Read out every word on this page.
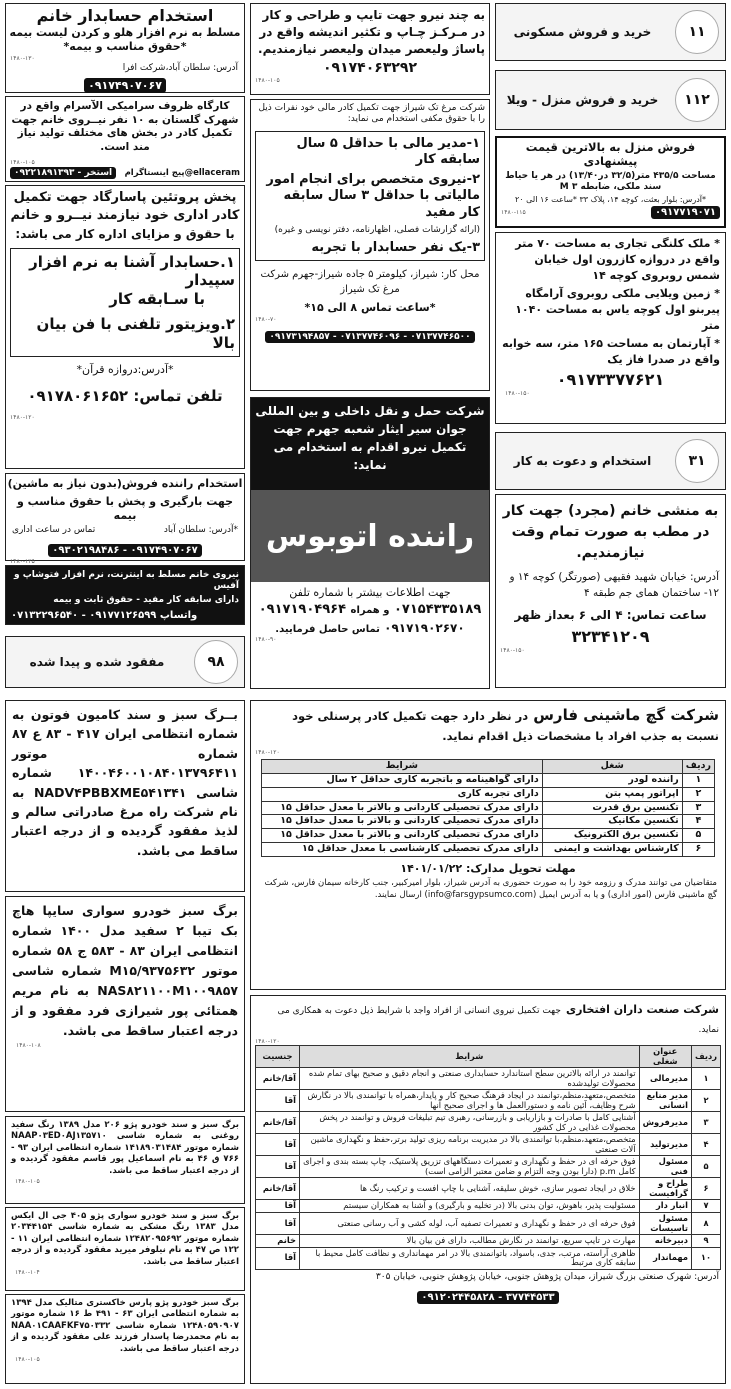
استخدام حسابدار خانم
مسلط به نرم افزار هلو و کردن لیست بیمه
*حقوق مناسب و بیمه*
۱۴۸۰-۱۳۰
آدرس: سلطان آباد،شرکت افرا
۰۹۱۷۴۹۰۷۰۶۷
کارگاه ظروف سرامیکی الآسرام واقع در شهرک گلستان به ۱۰ نفر نیــروی خانم جهت تکمیل کادر در بخش های مختلف تولید نیاز مند است.
۱۴۸۰-۱۰۵
پیج اینستاگرام@ellaceram
۰۹۲۲۱۸۹۱۳۹۳ - استخر
پخش پروتئین پاسارگاد جهت تکمیل
کادر اداری خود نیازمند نیــرو و خانم
با حقوق و مزایای اداره کار می باشد:
۱.حسابدار آشنا به نرم افزار سپیدار
با سـابقه کار
۲.ویزیتور تلفنی با فن بیان بالا
*آدرس:دروازه قرآن*
تلفن تماس: ۰۹۱۷۸۰۶۱۶۵۲
۱۴۸۰-۱۲۰
استخدام راننده فروش(بدون نیاز به ماشین)
جهت بارگیری و پخش با حقوق مناسب و بیمه
*آدرس: سلطان آباد
تماس در ساعت اداری
۰۹۳۰۲۱۹۸۴۸۶ - ۰۹۱۷۴۹۰۷۰۶۷
۱۴۸۰-۱۲۵
نیروی خانم مسلط به اینترنت، نرم افزار فتوشاپ و آفیس
دارای سابقه کار مفید - حقوق ثابت و بیمه
واتساپ ۰۹۱۷۷۱۲۶۵۹۹ - ۰۷۱۳۲۲۹۶۵۴۰
۹۸
مفقود شده و پیدا شده
بــرگ سبز و سند کامیون فوتون به شماره انتظامی ایران ۴۱۷ - ۸۳ ع ۸۷ شماره موتور ۱۴۰۰۴۶۰۰۱۰۸۴۰۱۳۷۹۶۴۱۱ شماره شاسی NADV۴PBBXME۵۴۱۳۴۱ به نام شرکت راه مرغ صادراتی سالم و لذیذ مفقود گردیده و از درجه اعتبار ساقط می باشد.
برگ سبز خودرو سواری سایپا هاچ بک تیبا ۲ سفید مدل ۱۴۰۰ شماره انتظامی ایران ۸۳ - ۵۸۳ ج ۵۸ شماره موتور M۱۵/۹۳۷۵۶۳۲ شماره شاسی NAS۸۲۱۱۰۰M۱۰۰۹۸۵۷ به نام مریم همتائی پور شیرازی فرد مفقود و از درجه اعتبار ساقط می باشد.
۱۴۸۰-۱۰۸
برگ سبز و سند خودرو پژو ۲۰۶ مدل ۱۳۸۹ رنگ سفید روغنی به شماره شاسی NAAP۰۳ED۰AJ۱۳۵۷۱۰ شماره موتور ۱۴۱۸۹۰۳۱۴۸۴ شماره انتظامی ایران ۹۳ - ۷۶۶ ق ۴۶ به نام اسماعیل پور قاسم مفقود گردیده و از درجه اعتبار ساقط می باشد.
۱۴۸۰-۱۰۵
برگ سبز و سند خودرو سواری پژو ۴۰۵ جی ال ایکس مدل ۱۳۸۳ رنگ مشکی به شماره شاسی ۲۰۳۴۴۱۵۴ شماره موتور ۱۲۴۸۲۰۹۵۶۹۲ شماره انتظامی ایران ۱۱ - ۱۲۲ ص ۴۷ به نام نیلوفر میرید مفقود گردیده و از درجه اعتبار ساقط می باشد.
۱۴۸۰-۱۰۴
برگ سبز خودرو پژو پارس خاکستری متالیک مدل ۱۳۹۴ به شماره انتظامی ایران ۶۳ - ۴۹۱ ط ۱۶ شماره موتور ۱۲۴۸۰۵۹۰۹۰۷ شماره شاسی NAA۰۱CAAFKF۷۵۰۳۳۲ به نام محمدرضا پاسدار فرزند علی مفقود گردیده و از درجه اعتبار ساقط می باشد.
۱۴۸۰-۱۰۵
به چند نیرو جهت تایپ و طراحی و کار در مـرکـز چـاپ و تکثیر اندیشه واقع در پاساژ ولیعصر میدان ولیعصر نیازمندیم.
۰۹۱۷۴۰۶۳۲۹۲
۱۴۸۰-۱۰۵
شرکت مرغ تک شیراز جهت تکمیل کادر مالی خود نفرات ذیل را با حقوق مکفی استخدام می نماید:
۱-مدیر مالی با حداقل ۵ سال سابقه کار
۲-نیروی متخصص برای انجام امور مالیاتی با حداقل ۳ سال سابقه کار مفید
(ارائه گزارشات فصلی، اظهارنامه، دفتر نویسی و غیره)
۳-یک نفر حسابدار با تجربه
محل کار: شیراز، کیلومتر ۵ جاده شیراز-جهرم شرکت مرغ تک شیراز
*ساعت تماس ۸ الی ۱۵*
۱۴۸۰-۷۰
۰۹۱۷۳۱۹۴۸۵۷ - ۰۷۱۳۷۷۴۶۰۹۶ - ۰۷۱۳۷۷۴۶۵۰۰
شرکت حمل و نقل داخلی و بین المللی جوان سیر ایثار شعبه جهرم جهت تکمیل نیرو اقدام به استخدام می نماید:
راننده اتوبوس
جهت اطلاعات بیشتر با شماره تلفن
۰۷۱۵۴۳۳۵۱۸۹ و همراه ۰۹۱۷۱۹۰۴۹۶۴
۰۹۱۷۱۹۰۲۶۷۰ تماس حاصل فرمایید.
۱۴۸۰-۹۰
۱۱
خرید و فروش مسکونی
۱۱۲
خرید و فروش منزل - ویلا
فروش منزل به بالاترین قیمت پیشنهادی
مساحت ۴۳۵/۵ متر(۳۲/۵ در۱۳/۴۰) در هر یا حیاط
سند ملکی، ضابطه M ۳
*آدرس: بلوار بعثت، کوچه ۱۴، پلاک ۳۳ *ساعت ۱۶ الی ۲۰
۰۹۱۷۷۱۹۰۷۱
۱۴۸۰-۱۱۵
* ملک کلنگی تجاری به مساحت ۷۰ متر واقع در دروازه کازرون اول خیابان شمس روبروی کوچه ۱۴
* زمین ویلایی ملکی روبروی آرامگاه پیربنو اول کوچه یاس به مساحت ۱۰۴۰ متر
* آپارتمان به مساحت ۱۶۵ متر، سه خوابه واقع در صدرا فاز یک
۰۹۱۷۳۳۷۷۶۲۱
۱۴۸۰-۱۵۰
۳۱
استخدام و دعوت به کار
به منشی خانم (مجرد) جهت کار در مطب به صورت تمام وقت نیازمندیم.
آدرس: خیابان شهید فقیهی (صورتگر) کوچه ۱۴ و ۱۲- ساختمان همای جم طبقه ۴
ساعت تماس: ۴ الی ۶ بعداز ظهر
۳۲۳۴۱۲۰۹
۱۴۸۰-۱۵۰
شرکت گچ ماشینی فارس در نظر دارد جهت تکمیل کادر پرسنلی خود نسبت به جذب افراد با مشخصات ذیل اقدام نماید.
۱۴۸۰-۱۲۰
ردیف	شغل	شرایط
۱	راننده لودر	دارای گواهینامه و باتجربه کاری حداقل ۲ سال
۲	اپراتور پمپ بتن	دارای تجربه کاری
۳	تکنسین برق قدرت	دارای مدرک تحصیلی کاردانی و بالاتر با معدل حداقل ۱۵
۴	تکنسین مکانیک	دارای مدرک تحصیلی کاردانی و بالاتر با معدل حداقل ۱۵
۵	تکنسین برق الکترونیک	دارای مدرک تحصیلی کاردانی و بالاتر با معدل حداقل ۱۵
۶	کارشناس بهداشت و ایمنی	دارای مدرک تحصیلی کارشناسی با معدل حداقل ۱۵
مهلت تحویل مدارک: ۱۴۰۱/۰۱/۲۲
متقاضیان می توانند مدرک و رزومه خود را به صورت حضوری به آدرس شیراز، بلوار امیرکبیر، جنب کارخانه سیمان فارس، شرکت گچ ماشینی فارس (امور اداری) و یا به آدرس ایمیل (info@farsgypsumco.com) ارسال نمایند.
شرکت صنعت داران افتخاری جهت تکمیل نیروی انسانی از افراد واجد با شرایط ذیل دعوت به همکاری می نماید.
۱۴۸۰-۱۲۰
ردیف	عنوان شغلی	شرایط	جنسیت
۱	مدیرمالی	توانمند در ارائه بالاترین سطح استاندارد حسابداری صنعتی و انجام دقیق و صحیح بهای تمام شده محصولات تولیدشده	آقا/خانم
۲	مدیر منابع انسانی	متخصص،متعهد،منظم،توانمند در ایجاد فرهنگ صحیح کار و پایدار،همراه با توانمندی بالا در نگارش شرح وظایف، آئین نامه و دستورالعمل ها و اجرای صحیح آنها	آقا
۳	مدیرفروش	آشنایی کامل با صادرات و بازاریابی و بازرسانی، رهبری تیم تبلیغات فروش و توانمند در پخش محصولات غذایی در کل کشور	آقا/خانم
۴	مدیرتولید	متخصص،متعهد،منظم،با توانمندی بالا در مدیریت برنامه ریزی تولید برتر،حفظ و نگهداری ماشین آلات صنعتی	آقا
۵	مسئول فنی	فوق حرفه ای در حفظ و نگهداری و تعمیرات دستگاههای تزریق پلاستیک، چاپ بسته بندی و اجرای کامل p.m (دارا بودن وجه التزام و ضامن معتبر الزامی است)	آقا
۶	طراح و گرافیست	خلاق در ایجاد تصویر سازی، خوش سلیقه، آشنایی با چاپ افست و ترکیب رنگ ها	آقا/خانم
۷	انبار دار	مسئولیت پذیر، باهوش، توان بدنی بالا (در تخلیه و بارگیری) و آشنا به همکاران سیستم	آقا
۸	مسئول تاسیسات	فوق حرفه ای در حفظ و نگهداری و تعمیرات تصفیه آب، لوله کشی و آب رسانی صنعتی	آقا
۹	دبیرخانه	مهارت در تایپ سریع، توانمند در نگارش مطالب، دارای فن بیان بالا	خانم
۱۰	مهماندار	ظاهری آراسته، مرتب، جدی، باسواد، باتوانمندی بالا در امر مهمانداری و نظافت کامل محیط با سابقه کاری مرتبط	آقا
آدرس: شهرک صنعتی بزرگ شیراز، میدان پژوهش جنوبی، خیابان پژوهش جنوبی، خیابان ۳۰۵
۰۹۱۲۰۲۴۴۵۸۲۸ - ۳۷۷۴۴۵۳۳
